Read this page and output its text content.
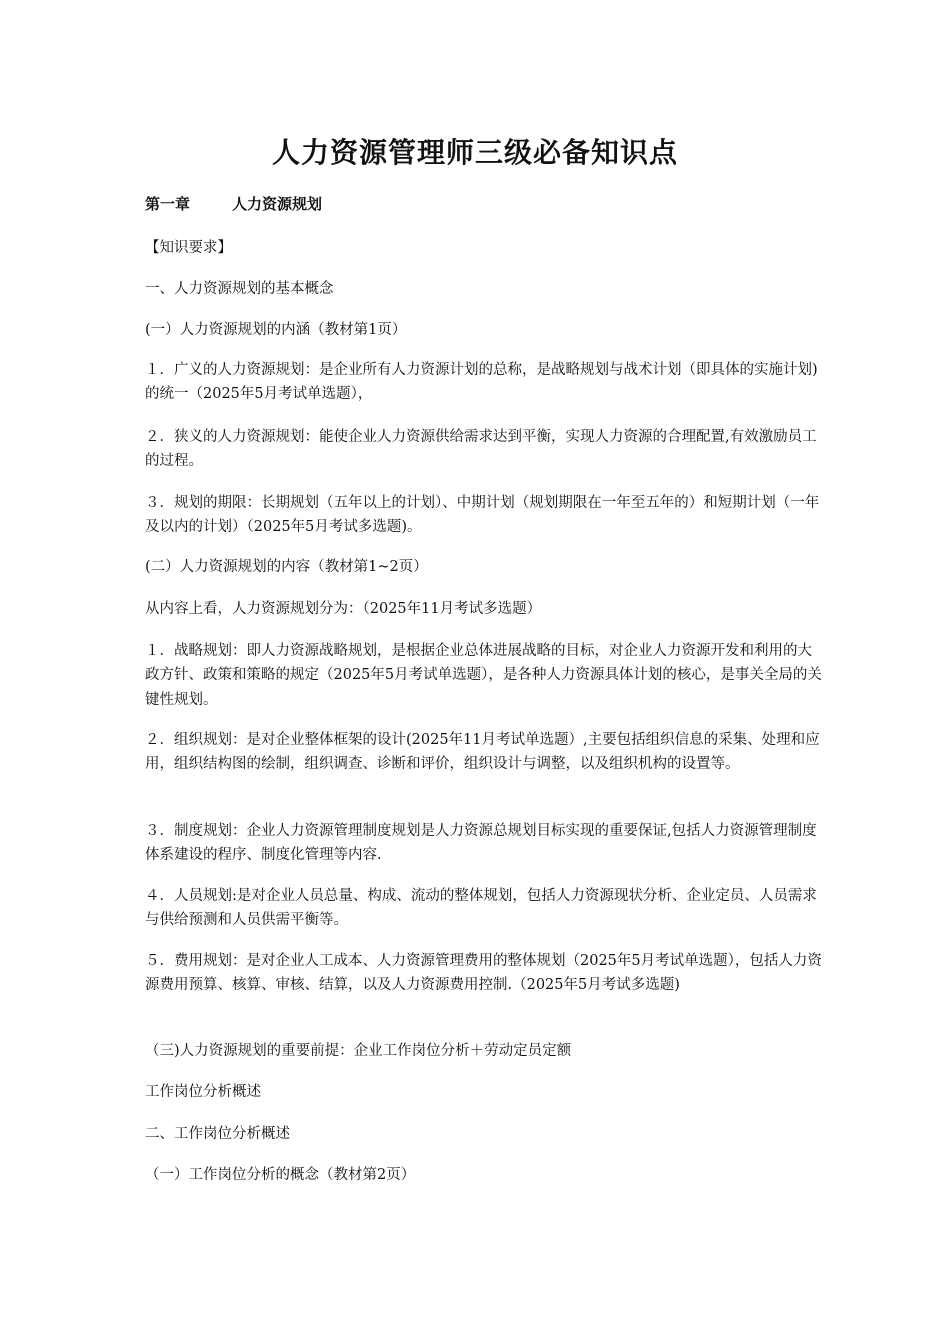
人力资源管理师三级必备知识点
第一章	人力资源规划

【知识要求】

一、人力资源规划的基本概念

(一）人力资源规划的内涵（教材第1页）

１．广义的人力资源规划：是企业所有人力资源计划的总称，是战略规划与战术计划（即具体的实施计划)的统一（2025年5月考试单选题），

２．狭义的人力资源规划：能使企业人力资源供给需求达到平衡，实现人力资源的合理配置,有效激励员工的过程。

３．规划的期限：长期规划（五年以上的计划）、中期计划（规划期限在一年至五年的）和短期计划（一年及以内的计划）（2025年5月考试多选题)。

(二）人力资源规划的内容（教材第1~2页）

从内容上看，人力资源规划分为：（2025年11月考试多选题）

１．战略规划：即人力资源战略规划，是根据企业总体进展战略的目标，对企业人力资源开发和利用的大政方针、政策和策略的规定（2025年5月考试单选题），是各种人力资源具体计划的核心，是事关全局的关键性规划。

２．组织规划：是对企业整体框架的设计(2025年11月考试单选题）,主要包括组织信息的采集、处理和应用，组织结构图的绘制，组织调查、诊断和评价，组织设计与调整，以及组织机构的设置等。

３．制度规划：企业人力资源管理制度规划是人力资源总规划目标实现的重要保证,包括人力资源管理制度体系建设的程序、制度化管理等内容.

４．人员规划:是对企业人员总量、构成、流动的整体规划，包括人力资源现状分析、企业定员、人员需求与供给预测和人员供需平衡等。

５．费用规划：是对企业人工成本、人力资源管理费用的整体规划（2025年5月考试单选题），包括人力资源费用预算、核算、审核、结算，以及人力资源费用控制.（2025年5月考试多选题)

（三)人力资源规划的重要前提：企业工作岗位分析＋劳动定员定额

工作岗位分析概述

二、工作岗位分析概述

（一）工作岗位分析的概念（教材第2页）
